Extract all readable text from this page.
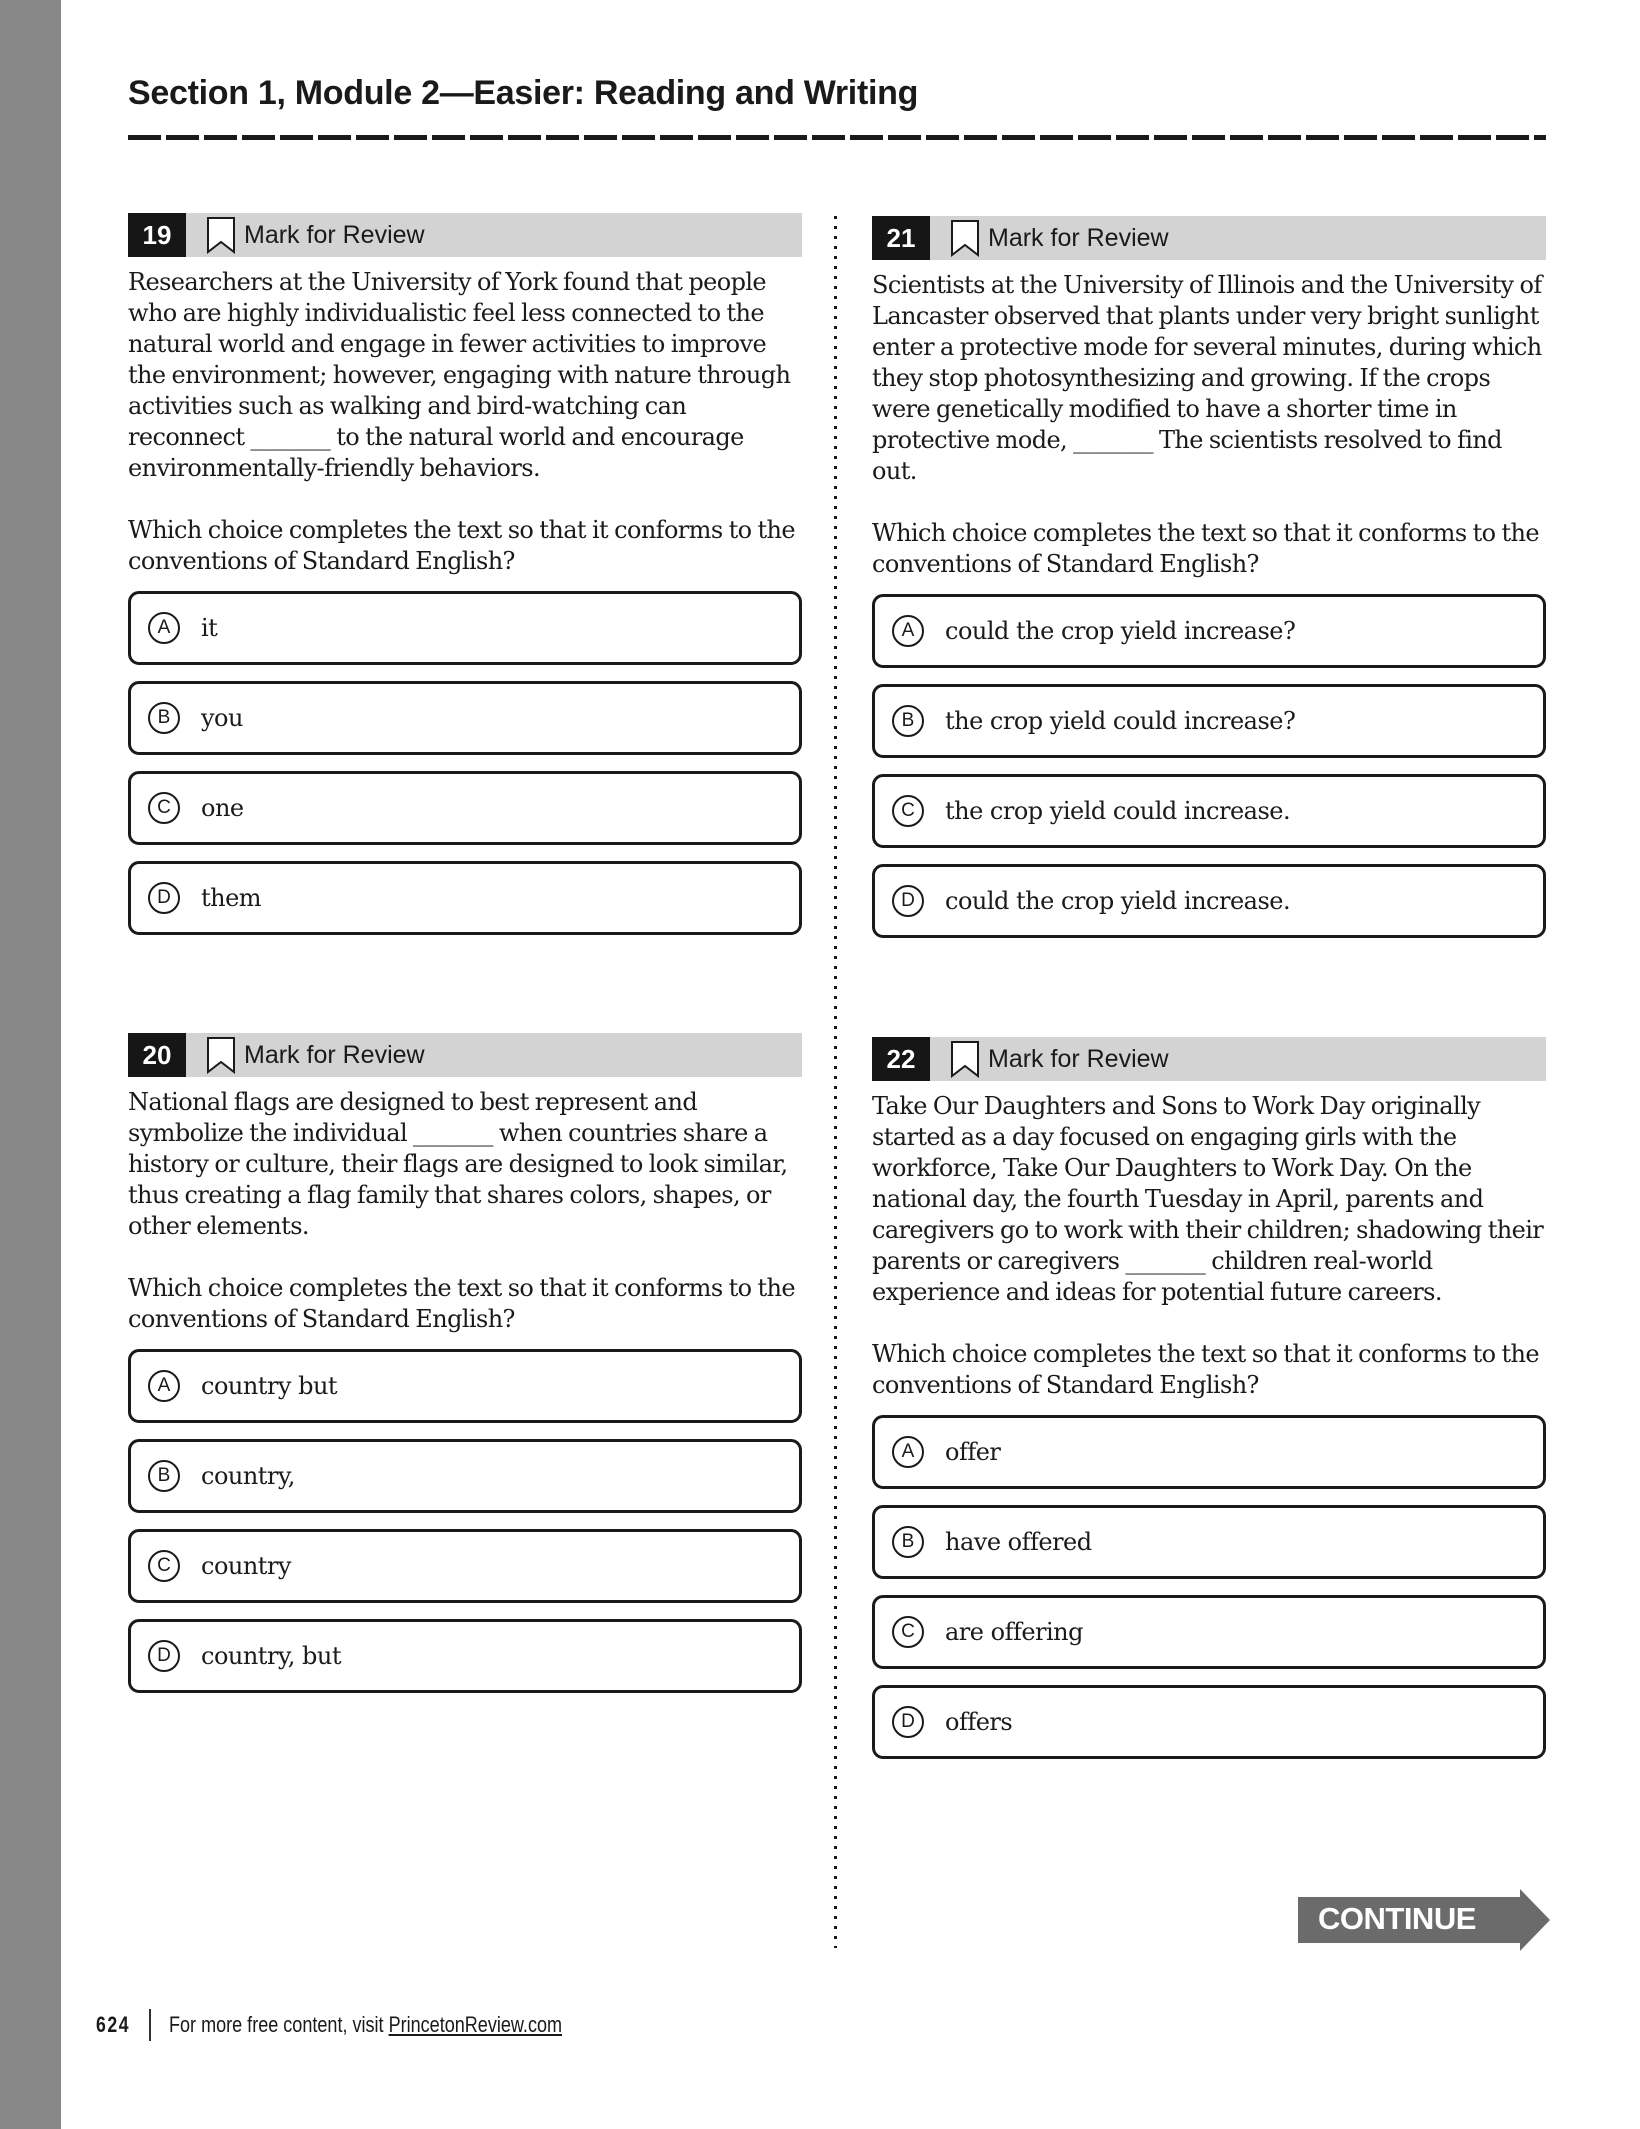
Section 1, Module 2—Easier: Reading and Writing
19	Mark for Review

Researchers at the University of York found that people who are highly individualistic feel less connected to the natural world and engage in fewer activities to improve the environment; however, engaging with nature through activities such as walking and bird-watching can reconnect _______ to the natural world and encourage environmentally-friendly behaviors.

Which choice completes the text so that it conforms to the conventions of Standard English?

A	it
B	you
C	one
D	them
20	Mark for Review

National flags are designed to best represent and symbolize the individual _______ when countries share a history or culture, their flags are designed to look similar, thus creating a flag family that shares colors, shapes, or other elements.

Which choice completes the text so that it conforms to the conventions of Standard English?

A	country but
B	country,
C	country
D	country, but
21	Mark for Review

Scientists at the University of Illinois and the University of Lancaster observed that plants under very bright sunlight enter a protective mode for several minutes, during which they stop photosynthesizing and growing. If the crops were genetically modified to have a shorter time in protective mode, _______ The scientists resolved to find out.

Which choice completes the text so that it conforms to the conventions of Standard English?

A	could the crop yield increase?
B	the crop yield could increase?
C	the crop yield could increase.
D	could the crop yield increase.
22	Mark for Review

Take Our Daughters and Sons to Work Day originally started as a day focused on engaging girls with the workforce, Take Our Daughters to Work Day. On the national day, the fourth Tuesday in April, parents and caregivers go to work with their children; shadowing their parents or caregivers _______ children real-world experience and ideas for potential future careers.

Which choice completes the text so that it conforms to the conventions of Standard English?

A	offer
B	have offered
C	are offering
D	offers
CONTINUE
624 For more free content, visit PrincetonReview.com
